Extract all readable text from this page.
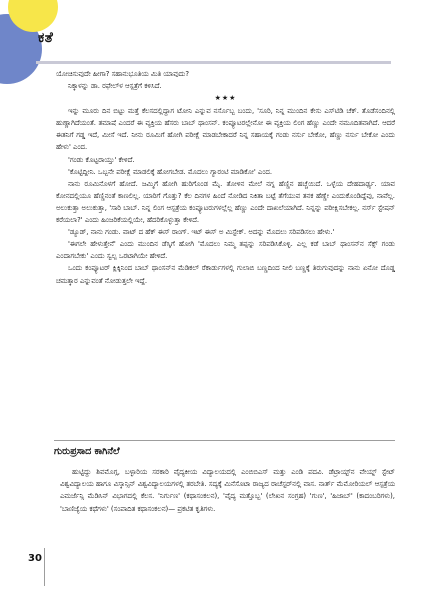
ಕತೆ

ಯೋಚಿಸುವುದೇ ಹೀಗಾ? ಸಹಾನುಭೂತಿಯ ಮಿತಿ ಯಾವುದು?

ನಿಕ್ಕಾಳನ್ನು ಡಾ. ರಫೇಲ್‌ಳ ಆಸ್ಪತ್ರೆಗೆ ಕಳಿಸಿದೆ.

★★★

ಇನ್ನು ಮೂರು ದಿನ ಬಿಟ್ಟು ಮತ್ತೆ ಕೆಲಸದಲ್ಲಿದ್ದಾಗ ಟೋನಿ ಎನ್ನುವ ನರ್ಸೊಬ್ಬ ಬಂದು, 'ಸೂರಿ, ನಿನ್ನ ಮುಂದಿನ ಕೇಸು ಎಸ್‌ಟಿಡಿ ಚೆಕ್. ತೊಡೆಸಂದಿನಲ್ಲಿ ಹುಣ್ಣಾಗಿದೆಯಂತೆ. ತಮಾಷೆ ಎಂದರೆ ಈ ವ್ಯಕ್ತಿಯ ಹೆಸರು ಬಾಬ್ ಥಾಂಸನ್. ಕಂಪ್ಯೂಟರಲ್ಲೇನೋ ಈ ವ್ಯಕ್ತಿಯ ಲಿಂಗ ಹೆಣ್ಣು ಎಂದೇ ನಮೂದಿತವಾಗಿದೆ. ಆದರೆ ಈತನಿಗೆ ಗಡ್ಡ ಇದೆ, ಮೀಸೆ ಇದೆ. ನೀನು ರೂಮಿಗೆ ಹೋಗಿ ಪರೀಕ್ಷೆ ಮಾಡಬೇಕಾದರೆ ನಿನ್ನ ಸಹಾಯಕ್ಕೆ ಗಂಡು ನರ್ಸು ಬೇಕೋ, ಹೆಣ್ಣು ನರ್ಸು ಬೇಕೋ ಎಂದು ಹೇಳು' ಎಂದ.

'ಗಂಡು ಕೊಟ್ಟರಾಯ್ತು' ಕೇಳಿದೆ.

'ಕೊಟ್ಟಿದ್ದೀನಿ. ಒಬ್ಬನೇ ಪರೀಕ್ಷೆ ಮಾಡಲಿಕ್ಕೆ ಹೋಗಬೇಡ. ಮೊದಲು ಗ್ಯಾರಂಟಿ ಮಾಡಿಕೋ' ಎಂದ.

ನಾನು ರೂಮಿನೊಳಗೆ ಹೋದೆ. ಜಮ್ಮಿಗೆ ಹೋಗಿ ಹುರಿಗೊಂಡ ಮೈ. ತೋಳಿನ ಮೇಲೆ ನಗ್ನ ಹೆಣ್ಣಿನ ಹಚ್ಚೆಯಿದೆ. ಒಳ್ಳೆಯ ದೇಹದಾರ್ಢ್ಯ. ಯಾವ ಕೋನದಲ್ಲಿಯೂ ಹೆಣ್ಣಿನಂತೆ ಕಾಣಲಿಲ್ಲ. ಯಾರಿಗೆ ಗೊತ್ತು? ಕೆಲ ದಿನಗಳ ಹಿಂದೆ ನೋಡಿದ ನಿಕಿತಾ ಬಟ್ಟೆ ತೆಗೆಯುವ ತನಕ ಹೆಣ್ಣೇ ಎಂದುಕೊಂಡಿದ್ದೆವು, ನಾವೆಲ್ಲ. ಅಲುಕುತ್ತಾ ಅಲುಕುತ್ತಾ, 'ಸಾರಿ ಬಾಬ್. ನಿನ್ನ ಲಿಂಗ ಆಸ್ಪತ್ರೆಯ ಕಂಪ್ಯೂಟರುಗಳಲ್ಲೆಲ್ಲ ಹೆಣ್ಣು ಎಂದೇ ದಾಖಲೆಯಾಗಿದೆ. ನಿನ್ನನ್ನು ಪರೀಕ್ಷಿಸಬೇಕಲ್ಲ. ನರ್ಸ್ ಸ್ಟೇಷನ್ ಕರೆಯಲಾ?' ಎಂದು ಹಿಂಜರಿಕೆಯಲ್ಲಿಯೇ, ಹೆದರಿಕೊಳ್ಳುತ್ತಾ ಕೇಳಿದೆ.

'ಡ್ಯೂಡ್, ನಾನು ಗಂಡು. ವಾಟ್ ದ ಹೆಕ್ ಈಸ್ ರಾಂಗ್. ಇಟ್ ಈಸ್ ಅ ಮಿಸ್ಟೇಕ್. ಅದನ್ನು ಮೊದಲು ಸರಿಪಡಿಸಲು ಹೇಳು.'

'ಈಗಲೇ ಹೇಳುತ್ತೇನೆ' ಎಂದು ಮುಂದಿನ ಡೆಸ್ಕಿಗೆ ಹೋಗಿ 'ಮೊದಲು ನಿಮ್ಮ ತಪ್ಪನ್ನು ಸರಿಪಡಿಸಿಕೊಳ್ಳಿ. ಎಲ್ಲ ಕಡೆ ಬಾಬ್ ಥಾಂಸನ್‌ನ ಸೆಕ್ಸ್ ಗಂಡು ಎಂದಾಗಬೇಕು' ಎಂದು ಸ್ವಲ್ಪ ಒರಟಾಗಿಯೇ ಹೇಳಿದೆ.

ಒಂದು ಕಂಪ್ಯೂಟರ್ ಕ್ಲಿಕ್ಕಿನಿಂದ ಬಾಬ್ ಥಾಂಸನ್‌ನ ಮೆಡಿಕಲ್ ರೆಕಾರ್ಡುಗಳಲ್ಲಿ ಗುಲಾಬಿ ಬಣ್ಣದಿಂದ ನೀಲಿ ಬಣ್ಣಕ್ಕೆ ತಿರುಗುವುದನ್ನು ನಾನು ಏನೋ ದೊಡ್ಡ ಚಮತ್ಕಾರ ಎನ್ನುವಂತೆ ನೋಡುತ್ತಲೇ ಇದ್ದೆ.

ಗುರುಪ್ರಸಾದ ಕಾಗಿನೆಲೆ

ಹುಟ್ಟಿದ್ದು ಶಿವಮೊಗ್ಗ, ಬಳ್ಳಾರಿಯ ಸರಕಾರಿ ವೈದ್ಯಕೀಯ ವಿದ್ಯಾಲಯದಲ್ಲಿ ಎಂಬಿಬಿಎಸ್ ಮತ್ತು ಎಂಡಿ ಪದವಿ. ಡೆಟ್ರಾಯ್ಟ್‌ನ ವೇಯ್ನ್ ಸ್ಟೇಟ್ ವಿಶ್ವವಿದ್ಯಾಲಯ ಹಾಗೂ ವಿಸ್ಕಾನ್ಸಿನ್ ವಿಶ್ವವಿದ್ಯಾಲಯಗಳಲ್ಲಿ ತರಬೇತಿ. ಸದ್ಯಕ್ಕೆ ಮಿನೆಸೊಟಾ ರಾಜ್ಯದ ರಾಚೆಸ್ಟರ್‌ನಲ್ಲಿ ವಾಸ. ನಾರ್ತ್ ಮೆಮೋರಿಯಲ್ ಆಸ್ಪತ್ರೆಯ ಎಮರ್ಜೆನ್ಸಿ ಮೆಡಿಸಿನ್ ವಿಭಾಗದಲ್ಲಿ ಕೆಲಸ. 'ನಿರ್ಗುಣ' (ಕಥಾಸಂಕಲನ), 'ವೈದ್ಯ ಮತ್ತೊಬ್ಬ' (ಲೇಖನ ಸಂಗ್ರಹ) 'ಗುಣ', 'ಹಿಜಾಬ್' (ಕಾದಂಬರಿಗಳು), 'ಬಾಣಿಜ್ಯೆಯ ಕಥೆಗಳು' (ಸಂಪಾದಿತ ಕಥಾಸಂಕಲನ)— ಪ್ರಕಟಿತ ಕೃತಿಗಳು.

30
